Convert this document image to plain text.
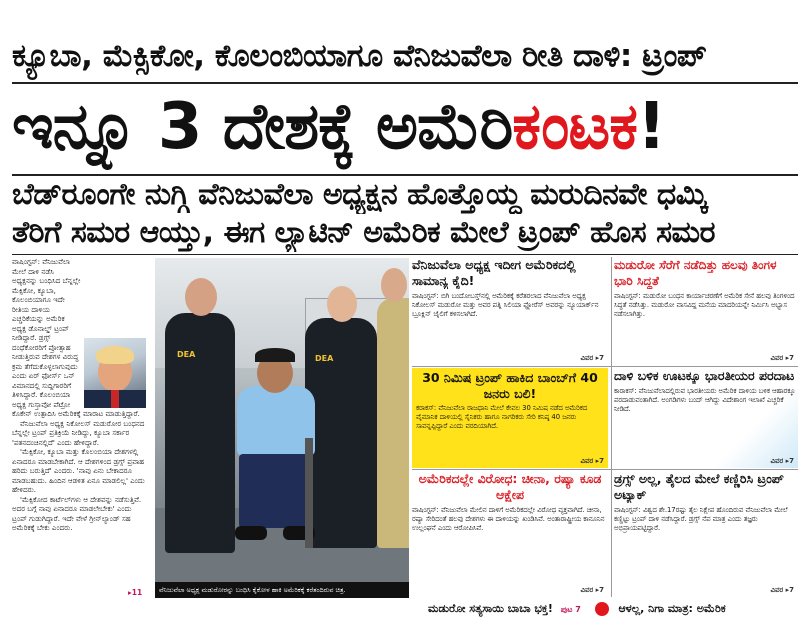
ಕ್ಯೂಬಾ, ಮೆಕ್ಸಿಕೋ, ಕೊಲಂಬಿಯಾಗೂ ವೆನಿಜುವೆಲಾ ರೀತಿ ದಾಳಿ: ಟ್ರಂಪ್
ಇನ್ನೂ 3 ದೇಶಕ್ಕೆ ಅಮೆರಿಕಂಟಕ!
ಬೆಡ್‌ರೂಂಗೇ ನುಗ್ಗಿ ವೆನಿಜುವೆಲಾ ಅಧ್ಯಕ್ಷನ ಹೊತ್ತೊಯ್ದ ಮರುದಿನವೇ ಧಮ್ಕಿ
ತೆರಿಗೆ ಸಮರ ಆಯ್ತು, ಈಗ ಲ್ಯಾಟಿನ್ ಅಮೆರಿಕ ಮೇಲೆ ಟ್ರಂಪ್ ಹೊಸ ಸಮರ

ವಾಷಿಂಗ್ಟನ್: ವೆನಿಜುವೆಲಾ ಮೇಲೆ ದಾಳಿ ನಡೆಸಿ ಅಧ್ಯಕ್ಷನನ್ನು ಬಂಧಿಸಿದ ಬೆನ್ನಲ್ಲೇ ಮೆಕ್ಸಿಕೋ, ಕ್ಯೂಬಾ, ಕೊಲಂಬಿಯಾಗೂ ಇದೇ ರೀತಿಯ ದಾಳಿಯ ಎಚ್ಚರಿಕೆಯನ್ನು ಅಮೆರಿಕ ಅಧ್ಯಕ್ಷ ಡೊನಾಲ್ಡ್ ಟ್ರಂಪ್ ನೀಡಿದ್ದಾರೆ. ಡ್ರಗ್ಸ್ ದಂಧೆಕೋರರಿಗೆ ಪ್ರೋತ್ಸಾಹ ನೀಡುತ್ತಿರುವ ದೇಶಗಳ ವಿರುದ್ಧ ಕ್ರಮ ತೆಗೆದುಕೊಳ್ಳಲಾಗುವುದು ಎಂದು ಏರ್ ಫೋರ್ಸ್ ಒನ್ ವಿಮಾನದಲ್ಲಿ ಸುದ್ದಿಗಾರರಿಗೆ ತಿಳಿಸಿದ್ದಾರೆ. ಕೊಲಂಬಿಯಾ ಅಧ್ಯಕ್ಷ ಗುಸ್ತಾವೋ ಪೆಟ್ರೋ ಕೊಕೇನ್ ಉತ್ಪಾದಿಸಿ ಅಮೆರಿಕಕ್ಕೆ ಮಾರಾಟ ಮಾಡುತ್ತಿದ್ದಾರೆ.

ವೆನಿಜುವೆಲಾ ಅಧ್ಯಕ್ಷ ನಿಕೋಲಸ್ ಮಡುರೋರ ಬಂಧನದ ಬೆನ್ನಲ್ಲೇ ಟ್ರಂಪ್ ಪ್ರತಿಕ್ರಿಯೆ ನೀಡಿದ್ದು, ಕ್ಯೂಬಾ ಸರ್ಕಾರ 'ಪತನದಂಚಿನಲ್ಲಿದೆ' ಎಂದು ಹೇಳಿದ್ದಾರೆ.

'ಮೆಕ್ಸಿಕೋ, ಕ್ಯೂಬಾ ಮತ್ತು ಕೊಲಂಬಿಯಾ ದೇಶಗಳಲ್ಲಿ ಏನಾದರೂ ಮಾಡಬೇಕಾಗಿದೆ. ಆ ದೇಶಗಳಿಂದ ಡ್ರಗ್ಸ್ ಪ್ರವಾಹ ಹರಿದು ಬರುತ್ತಿದೆ' ಎಂದರು. 'ನಾವು ಏನು ಬೇಕಾದರೂ ಮಾಡಬಹುದು. ಹಿಂದಿನ ಆಡಳಿತ ಏನೂ ಮಾಡಲಿಲ್ಲ' ಎಂದು ಹೇಳಿದರು.

'ಮೆಕ್ಸಿಕೋದ ಕಾರ್ಟೆಲ್‌ಗಳು ಆ ದೇಶವನ್ನು ನಡೆಸುತ್ತಿವೆ. ಅದರ ಬಗ್ಗೆ ನಾವು ಏನಾದರೂ ಮಾಡಲೇಬೇಕು' ಎಂದು ಟ್ರಂಪ್ ಗುಡುಗಿದ್ದಾರೆ. ಇದೇ ವೇಳೆ ಗ್ರೀನ್‌ಲ್ಯಾಂಡ್ ಸಹ ಅಮೆರಿಕಕ್ಕೆ ಬೇಕು ಎಂದರು.

▸11
DEA	DEA
ವೆನಿಜುವೆಲಾ ಅಧ್ಯಕ್ಷ ಮಡುರೋರನ್ನು ಬಂಧಿಸಿ ಕೈಕೋಳ ಹಾಕಿ ಅಮೆರಿಕಕ್ಕೆ ಕರೆತಂದಿರುವ ಚಿತ್ರ.
ವೆನಿಜುವೆಲಾ ಅಧ್ಯಕ್ಷ ಇದೀಗ ಅಮೆರಿಕದಲ್ಲಿ ಸಾಮಾನ್ಯ ಕೈದಿ!
ವಾಷಿಂಗ್ಟನ್: ಬಿಗಿ ಬಂದೋಬಸ್ತ್‌ನಲ್ಲಿ ಅಮೆರಿಕಕ್ಕೆ ಕರೆತರಲಾದ ವೆನಿಜುವೆಲಾ ಅಧ್ಯಕ್ಷ ನಿಕೋಲಸ್ ಮಡುರೋ ಮತ್ತು ಅವರ ಪತ್ನಿ ಸಿಲಿಯಾ ಫ್ಲೋರೆಸ್ ಅವರನ್ನು ನ್ಯೂಯಾರ್ಕ್‌ನ ಬ್ರೂಕ್ಲಿನ್ ಜೈಲಿಗೆ ಕಳಿಸಲಾಗಿದೆ.
ವಿವರ ▸7
ಮಡುರೋ ಸೆರೆಗೆ ನಡೆದಿತ್ತು ಹಲವು ತಿಂಗಳ ಭಾರಿ ಸಿದ್ಧತೆ
ವಾಷಿಂಗ್ಟನ್: ಮಡುರೋ ಬಂಧನ ಕಾರ್ಯಾಚರಣೆಗೆ ಅಮೆರಿಕ ಸೇನೆ ಹಲವು ತಿಂಗಳಿಂದ ಸಿದ್ಧತೆ ನಡೆಸಿತ್ತು. ಮಡುರೋ ವಾಸವಿದ್ದ ಮನೆಯ ಮಾದರಿಯನ್ನೇ ನಿರ್ಮಿಸಿ ಅಭ್ಯಾಸ ನಡೆಸಲಾಗಿತ್ತು.
ವಿವರ ▸7
30 ನಿಮಿಷ ಟ್ರಂಪ್ ಹಾಕಿದ ಬಾಂಬ್‌ಗೆ 40 ಜನರು ಬಲಿ!
ಕರಾಕಸ್: ವೆನಿಜುವೆಲಾ ರಾಜಧಾನಿ ಮೇಲೆ ಕೇವಲ 30 ನಿಮಿಷ ನಡೆದ ಅಮೆರಿಕದ ವೈಮಾನಿಕ ದಾಳಿಯಲ್ಲಿ ಸೈನಿಕರು ಹಾಗೂ ನಾಗರಿಕರು ಸೇರಿ ಕನಿಷ್ಠ 40 ಜನರು ಸಾವನ್ನಪ್ಪಿದ್ದಾರೆ ಎಂದು ವರದಿಯಾಗಿದೆ.
ವಿವರ ▸7
ದಾಳಿ ಬಳಿಕ ಊಟಕ್ಕೂ ಭಾರತೀಯರ ಪರದಾಟ
ಕಾರಾಕಸ್: ವೆನಿಜುವೆಲಾದಲ್ಲಿರುವ ಭಾರತೀಯರು ಅಮೆರಿಕ ದಾಳಿಯ ಬಳಿಕ ಆಹಾರಕ್ಕೂ ಪರದಾಡುವಂತಾಗಿದೆ. ಅಂಗಡಿಗಳು ಬಂದ್ ಆಗಿದ್ದು ವಿದೇಶಾಂಗ ಇಲಾಖೆ ಎಚ್ಚರಿಕೆ ನೀಡಿದೆ.
ವಿವರ ▸7
ಅಮೆರಿಕದಲ್ಲೇ ವಿರೋಧ: ಚೀನಾ, ರಷ್ಯಾ ಕೂಡ ಆಕ್ಷೇಪ
ವಾಷಿಂಗ್ಟನ್: ವೆನಿಜುವೆಲಾ ಮೇಲಿನ ದಾಳಿಗೆ ಅಮೆರಿಕದಲ್ಲೇ ವಿರೋಧ ವ್ಯಕ್ತವಾಗಿದೆ. ಚೀನಾ, ರಷ್ಯಾ ಸೇರಿದಂತೆ ಹಲವು ದೇಶಗಳು ಈ ದಾಳಿಯನ್ನು ಖಂಡಿಸಿವೆ. ಅಂತಾರಾಷ್ಟ್ರೀಯ ಕಾನೂನಿನ ಉಲ್ಲಂಘನೆ ಎಂದು ಆರೋಪಿಸಿವೆ.
ವಿವರ ▸7
ಡ್ರಗ್ಸ್ ಅಲ್ಲ, ತೈಲದ ಮೇಲೆ ಕಣ್ಣಿರಿಸಿ ಟ್ರಂಪ್ ಅಟ್ಯಾಕ್
ವಾಷಿಂಗ್ಟನ್: ವಿಶ್ವದ ಶೇ.17ರಷ್ಟು ತೈಲ ನಿಕ್ಷೇಪ ಹೊಂದಿರುವ ವೆನಿಜುವೆಲಾ ಮೇಲೆ ಕಣ್ಣಿಟ್ಟು ಟ್ರಂಪ್ ದಾಳಿ ನಡೆಸಿದ್ದಾರೆ. ಡ್ರಗ್ಸ್ ನೆಪ ಮಾತ್ರ ಎಂದು ತಜ್ಞರು ಅಭಿಪ್ರಾಯಪಟ್ಟಿದ್ದಾರೆ.
ವಿವರ ▸7
ಮಡುರೋ ಸತ್ಯಸಾಯಿ ಬಾಬಾ ಭಕ್ತ! ಪುಟ 7	ಆಳಲ್ಲ, ನಿಗಾ ಮಾತ್ರ: ಅಮೆರಿಕ
